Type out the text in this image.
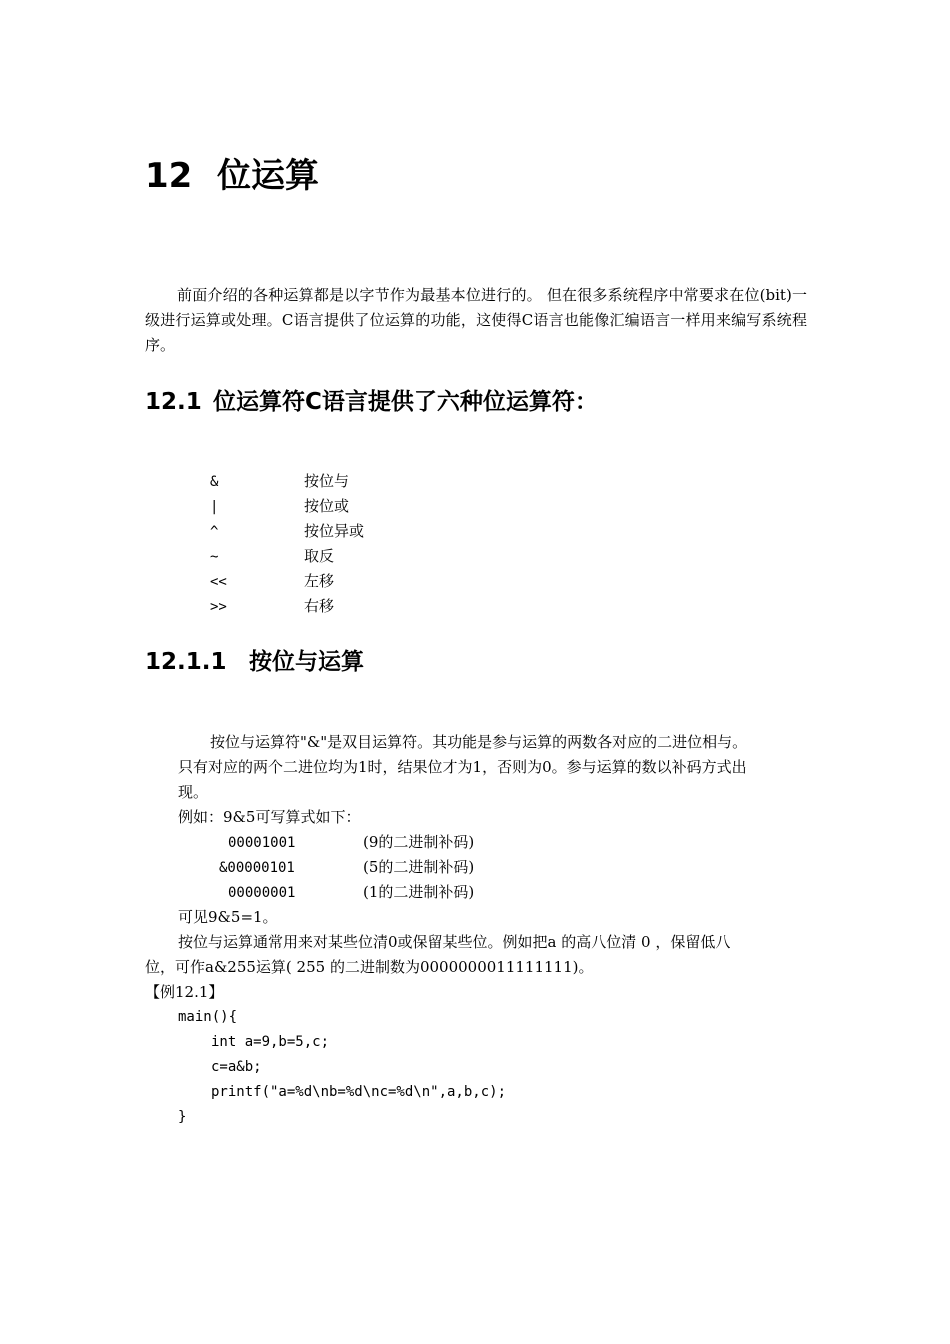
12 位运算

前面介绍的各种运算都是以字节作为最基本位进行的。 但在很多系统程序中常要求在位(bit)一级进行运算或处理。C语言提供了位运算的功能，这使得C语言也能像汇编语言一样用来编写系统程序。

12.1 位运算符C语言提供了六种位运算符：
&	按位与
|	按位或
^	按位异或
~	取反
<<	左移
>>	右移
12.1.1 按位与运算
按位与运算符"&"是双目运算符。其功能是参与运算的两数各对应的二进位相与。
只有对应的两个二进位均为1时，结果位才为1，否则为0。参与运算的数以补码方式出
现。
例如：9&5可写算式如下：
00001001	(9的二进制补码)
&00000101	(5的二进制补码)
00000001	(1的二进制补码)
可见9&5=1。
按位与运算通常用来对某些位清0或保留某些位。例如把a 的高八位清 0 ，保留低八
位，可作a&255运算( 255 的二进制数为0000000011111111)。
【例12.1】
main(){
int a=9,b=5,c;
c=a&b;
printf("a=%d\nb=%d\nc=%d\n",a,b,c);
}
